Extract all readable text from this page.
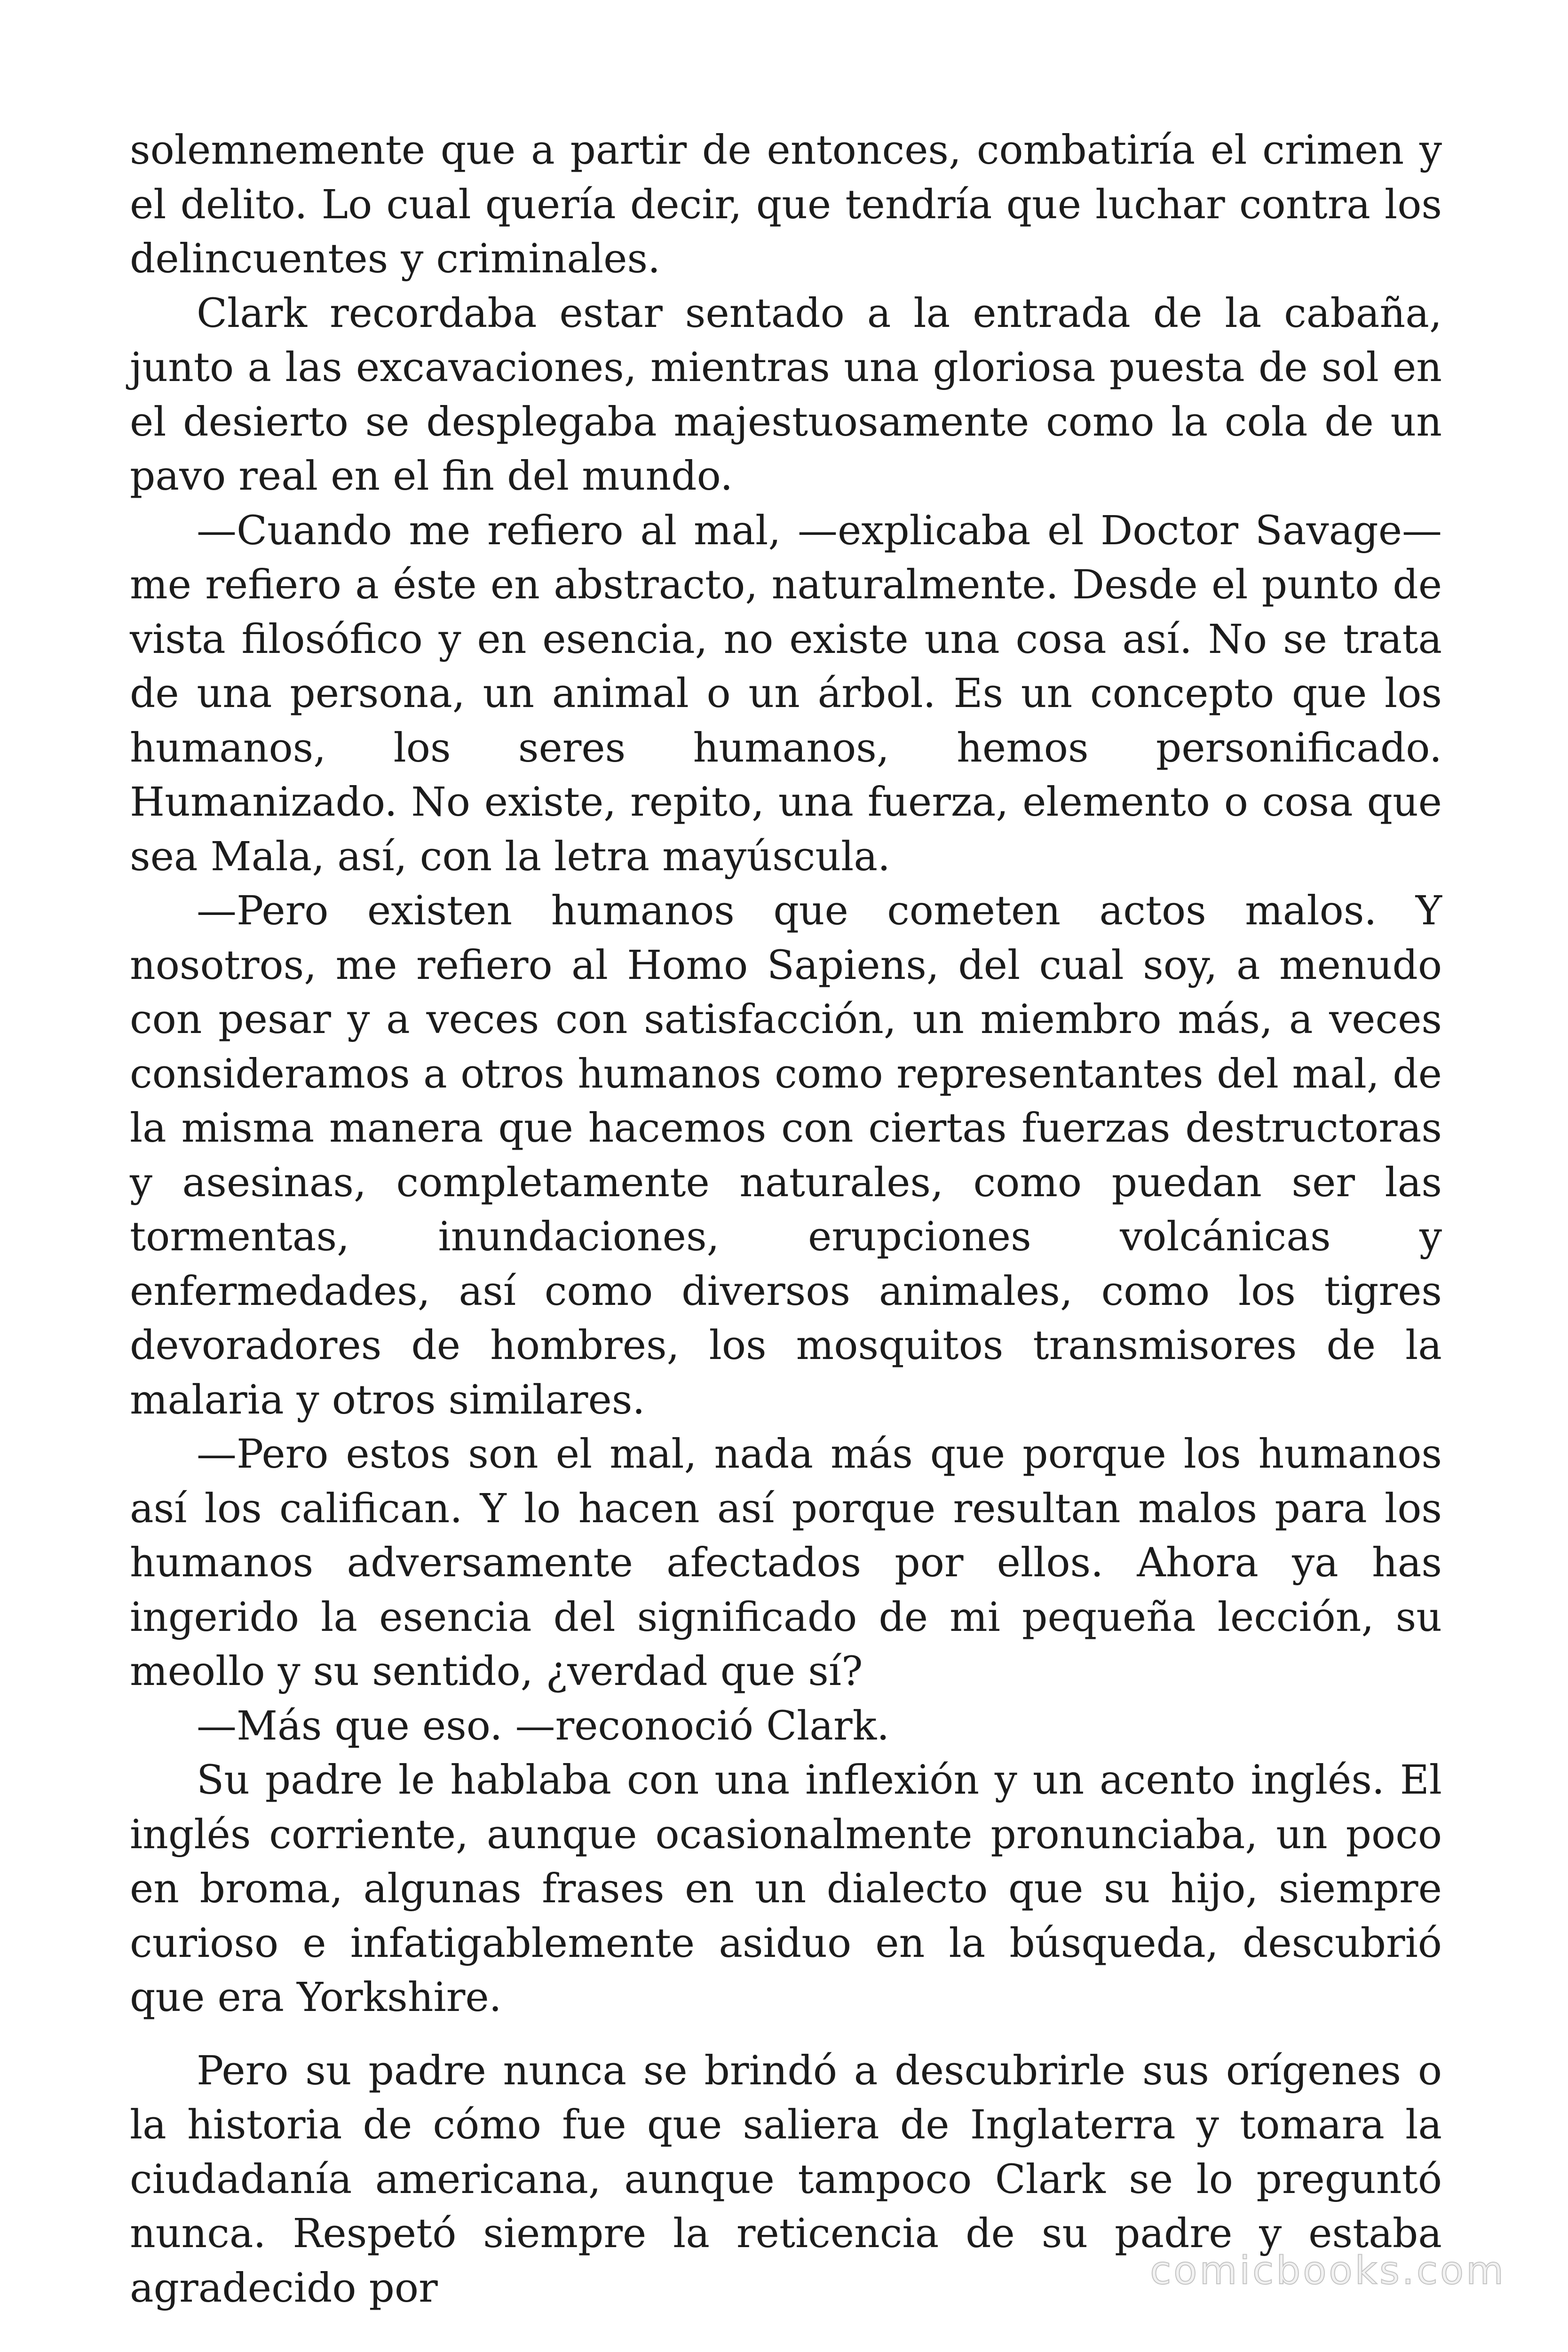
solemnemente que a partir de entonces, combatiría el crimen y el delito. Lo cual quería decir, que tendría que luchar contra los delincuentes y criminales.

Clark recordaba estar sentado a la entrada de la cabaña, junto a las excavaciones, mientras una gloriosa puesta de sol en el desierto se desplegaba majestuosamente como la cola de un pavo real en el fin del mundo.

—Cuando me refiero al mal, —explicaba el Doctor Savage— me refiero a éste en abstracto, naturalmente. Desde el punto de vista filosófico y en esencia, no existe una cosa así. No se trata de una persona, un animal o un árbol. Es un concepto que los humanos, los seres humanos, hemos personificado. Humanizado. No existe, repito, una fuerza, elemento o cosa que sea Mala, así, con la letra mayúscula.

—Pero existen humanos que cometen actos malos. Y nosotros, me refiero al Homo Sapiens, del cual soy, a menudo con pesar y a veces con satisfacción, un miembro más, a veces consideramos a otros humanos como representantes del mal, de la misma manera que hacemos con ciertas fuerzas destructoras y asesinas, completamente naturales, como puedan ser las tormentas, inundaciones, erupciones volcánicas y enfermedades, así como diversos animales, como los tigres devoradores de hombres, los mosquitos transmisores de la malaria y otros similares.

—Pero estos son el mal, nada más que porque los humanos así los califican. Y lo hacen así porque resultan malos para los humanos adversamente afectados por ellos. Ahora ya has ingerido la esencia del significado de mi pequeña lección, su meollo y su sentido, ¿verdad que sí?

—Más que eso. —reconoció Clark.

Su padre le hablaba con una inflexión y un acento inglés. El inglés corriente, aunque ocasionalmente pronunciaba, un poco en broma, algunas frases en un dialecto que su hijo, siempre curioso e infatigablemente asiduo en la búsqueda, descubrió que era Yorkshire.

Pero su padre nunca se brindó a descubrirle sus orígenes o la historia de cómo fue que saliera de Inglaterra y tomara la ciudadanía americana, aunque tampoco Clark se lo preguntó nunca. Respetó siempre la reticencia de su padre y estaba agradecido por	comicbooks.com
